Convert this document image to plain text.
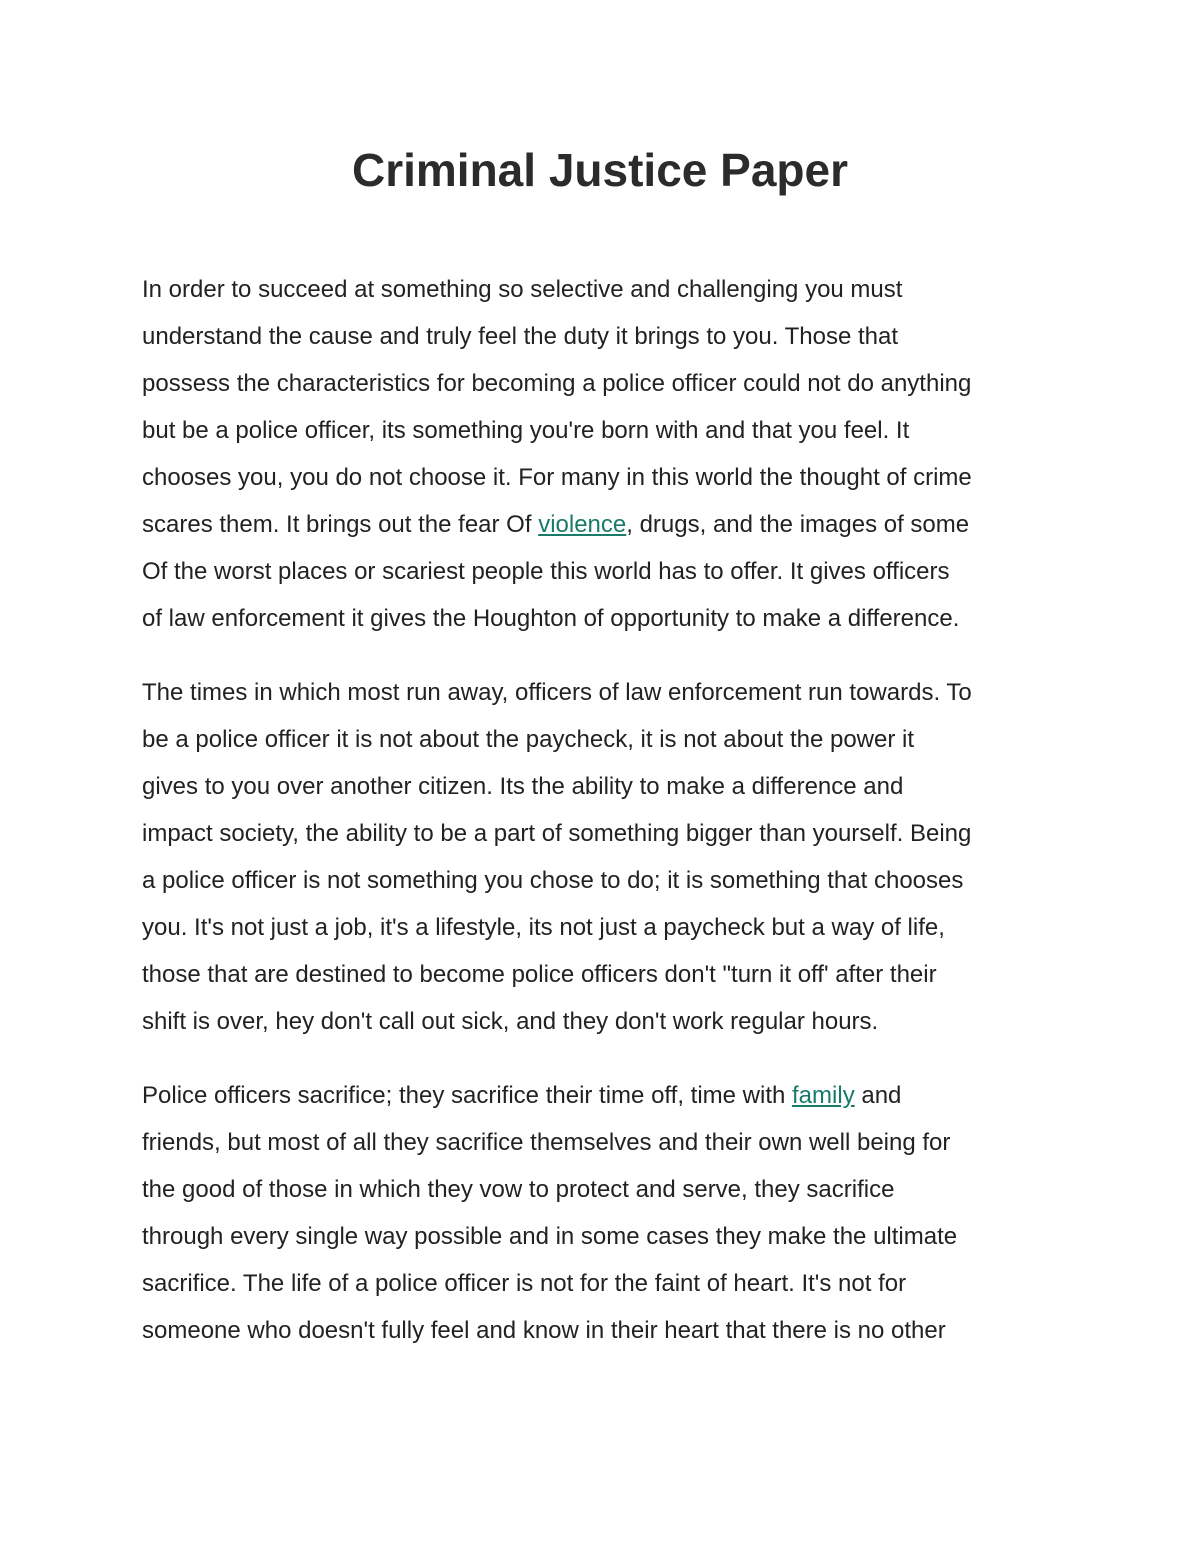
Criminal Justice Paper

In order to succeed at something so selective and challenging you must
understand the cause and truly feel the duty it brings to you. Those that
possess the characteristics for becoming a police officer could not do anything
but be a police officer, its something you're born with and that you feel. It
chooses you, you do not choose it. For many in this world the thought of crime
scares them. It brings out the fear Of violence, drugs, and the images of some
Of the worst places or scariest people this world has to offer. It gives officers
of law enforcement it gives the Houghton of opportunity to make a difference.

The times in which most run away, officers of law enforcement run towards. To
be a police officer it is not about the paycheck, it is not about the power it
gives to you over another citizen. Its the ability to make a difference and
impact society, the ability to be a part of something bigger than yourself. Being
a police officer is not something you chose to do; it is something that chooses
you. It's not just a job, it's a lifestyle, its not just a paycheck but a way of life,
those that are destined to become police officers don't "turn it off' after their
shift is over, hey don't call out sick, and they don't work regular hours.

Police officers sacrifice; they sacrifice their time off, time with family and
friends, but most of all they sacrifice themselves and their own well being for
the good of those in which they vow to protect and serve, they sacrifice
through every single way possible and in some cases they make the ultimate
sacrifice. The life of a police officer is not for the faint of heart. It's not for
someone who doesn't fully feel and know in their heart that there is no other
